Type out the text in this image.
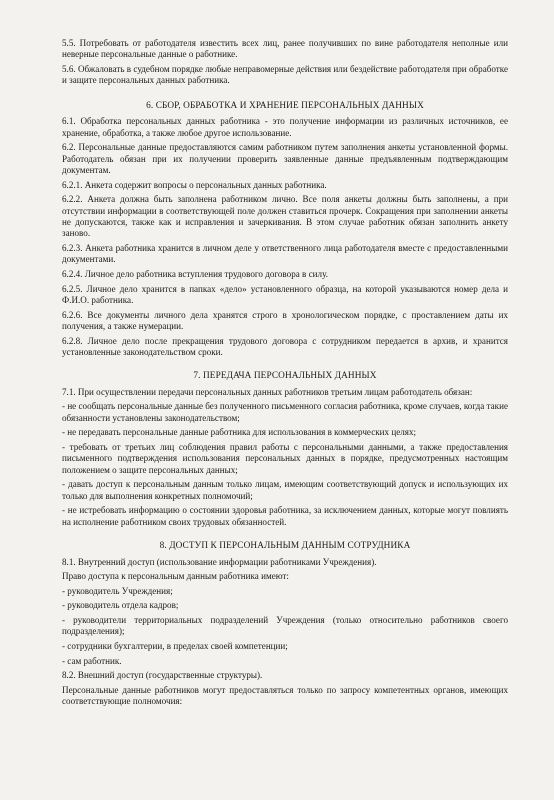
5.5. Потребовать от работодателя известить всех лиц, ранее получивших по вине работодателя неполные или неверные персональные данные о работнике.

5.6. Обжаловать в судебном порядке любые неправомерные действия или бездействие работодателя при обработке и защите персональных данных работника.

6. СБОР, ОБРАБОТКА И ХРАНЕНИЕ ПЕРСОНАЛЬНЫХ ДАННЫХ

6.1. Обработка персональных данных работника - это получение информации из различных источников, ее хранение, обработка, а также любое другое использование.

6.2. Персональные данные предоставляются самим работником путем заполнения анкеты установленной формы. Работодатель обязан при их получении проверить заявленные данные предъявленным подтверждающим документам.

6.2.1. Анкета содержит вопросы о персональных данных работника.

6.2.2. Анкета должна быть заполнена работником лично. Все поля анкеты должны быть заполнены, а при отсутствии информации в соответствующей поле должен ставиться прочерк. Сокращения при заполнении анкеты не допускаются, также как и исправления и зачеркивания. В этом случае работник обязан заполнить анкету заново.

6.2.3. Анкета работника хранится в личном деле у ответственного лица работодателя вместе с предоставленными документами.

6.2.4. Личное дело работника вступления трудового договора в силу.

6.2.5. Личное дело хранится в папках «дело» установленного образца, на которой указываются номер дела и Ф.И.О. работника.

6.2.6. Все документы личного дела хранятся строго в хронологическом порядке, с проставлением даты их получения, а также нумерации.

6.2.8. Личное дело после прекращения трудового договора с сотрудником передается в архив, и хранится установленные законодательством сроки.

7. ПЕРЕДАЧА ПЕРСОНАЛЬНЫХ ДАННЫХ

7.1. При осуществлении передачи персональных данных работников третьим лицам работодатель обязан:

- не сообщать персональные данные без полученного письменного согласия работника, кроме случаев, когда такие обязанности установлены законодательством;

- не передавать персональные данные работника для использования в коммерческих целях;

- требовать от третьих лиц соблюдения правил работы с персональными данными, а также предоставления письменного подтверждения использования персональных данных в порядке, предусмотренных настоящим положением о защите персональных данных;

- давать доступ к персональным данным только лицам, имеющим соответствующий допуск и использующих их только для выполнения конкретных полномочий;

- не истребовать информацию о состоянии здоровья работника, за исключением данных, которые могут повлиять на исполнение работником своих трудовых обязанностей.

8. ДОСТУП К ПЕРСОНАЛЬНЫМ ДАННЫМ СОТРУДНИКА

8.1. Внутренний доступ (использование информации работниками Учреждения).

Право доступа к персональным данным работника имеют:

- руководитель Учреждения;

- руководитель отдела кадров;

- руководители территориальных подразделений Учреждения (только относительно работников своего подразделения);

- сотрудники бухгалтерии, в пределах своей компетенции;

- сам работник.

8.2. Внешний доступ (государственные структуры).

Персональные данные работников могут предоставляться только по запросу компетентных органов, имеющих соответствующие полномочия:
